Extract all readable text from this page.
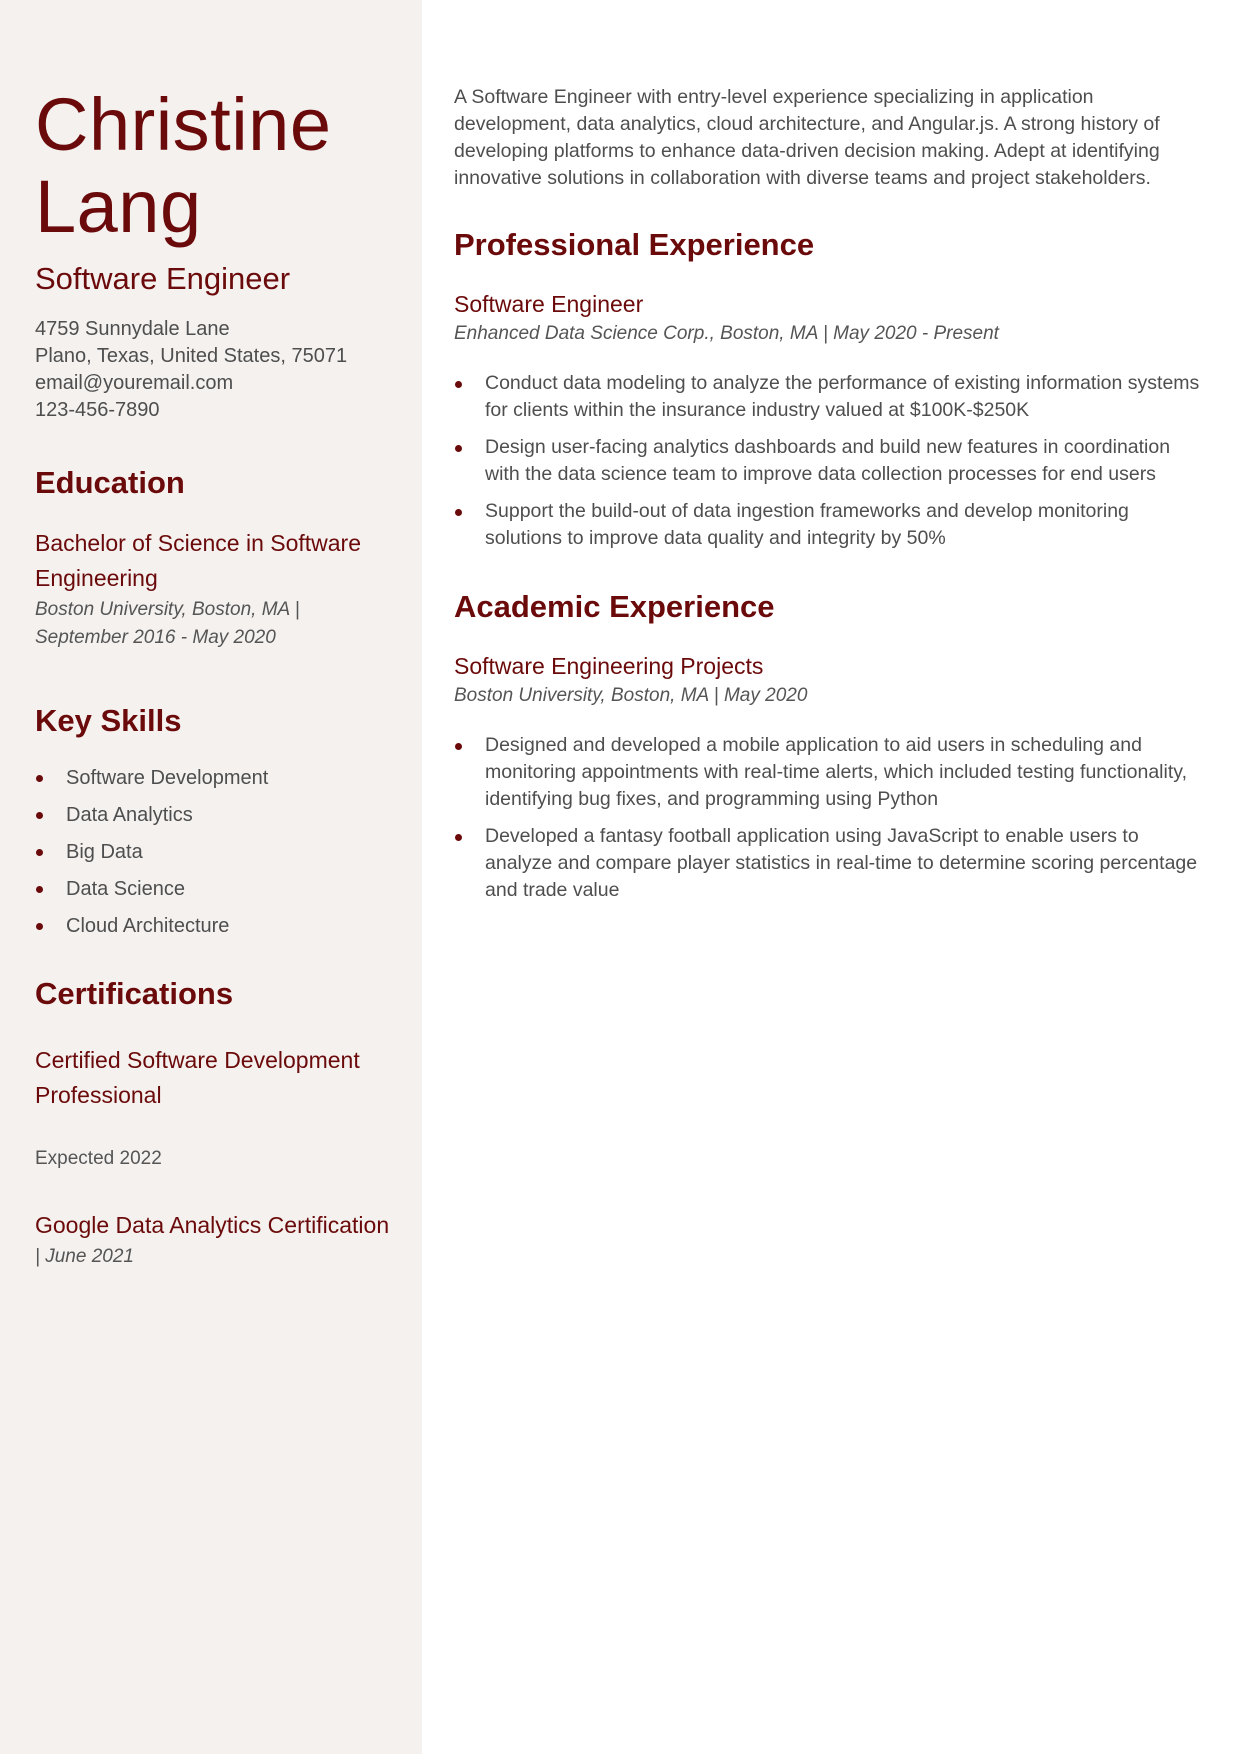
Christine
Lang
Software Engineer
4759 Sunnydale Lane
Plano, Texas, United States, 75071
email@youremail.com
123-456-7890
Education
Bachelor of Science in Software Engineering
Boston University, Boston, MA |
September 2016 - May 2020
Key Skills
Software Development
Data Analytics
Big Data
Data Science
Cloud Architecture
Certifications
Certified Software Development Professional
Expected 2022
Google Data Analytics Certification
| June 2021

A Software Engineer with entry-level experience specializing in application development, data analytics, cloud architecture, and Angular.js. A strong history of developing platforms to enhance data-driven decision making. Adept at identifying innovative solutions in collaboration with diverse teams and project stakeholders.

Professional Experience
Software Engineer
Enhanced Data Science Corp., Boston, MA | May 2020 - Present
Conduct data modeling to analyze the performance of existing information systems for clients within the insurance industry valued at $100K-$250K
Design user-facing analytics dashboards and build new features in coordination with the data science team to improve data collection processes for end users
Support the build-out of data ingestion frameworks and develop monitoring solutions to improve data quality and integrity by 50%
Academic Experience
Software Engineering Projects
Boston University, Boston, MA | May 2020
Designed and developed a mobile application to aid users in scheduling and monitoring appointments with real-time alerts, which included testing functionality, identifying bug fixes, and programming using Python
Developed a fantasy football application using JavaScript to enable users to analyze and compare player statistics in real-time to determine scoring percentage and trade value
